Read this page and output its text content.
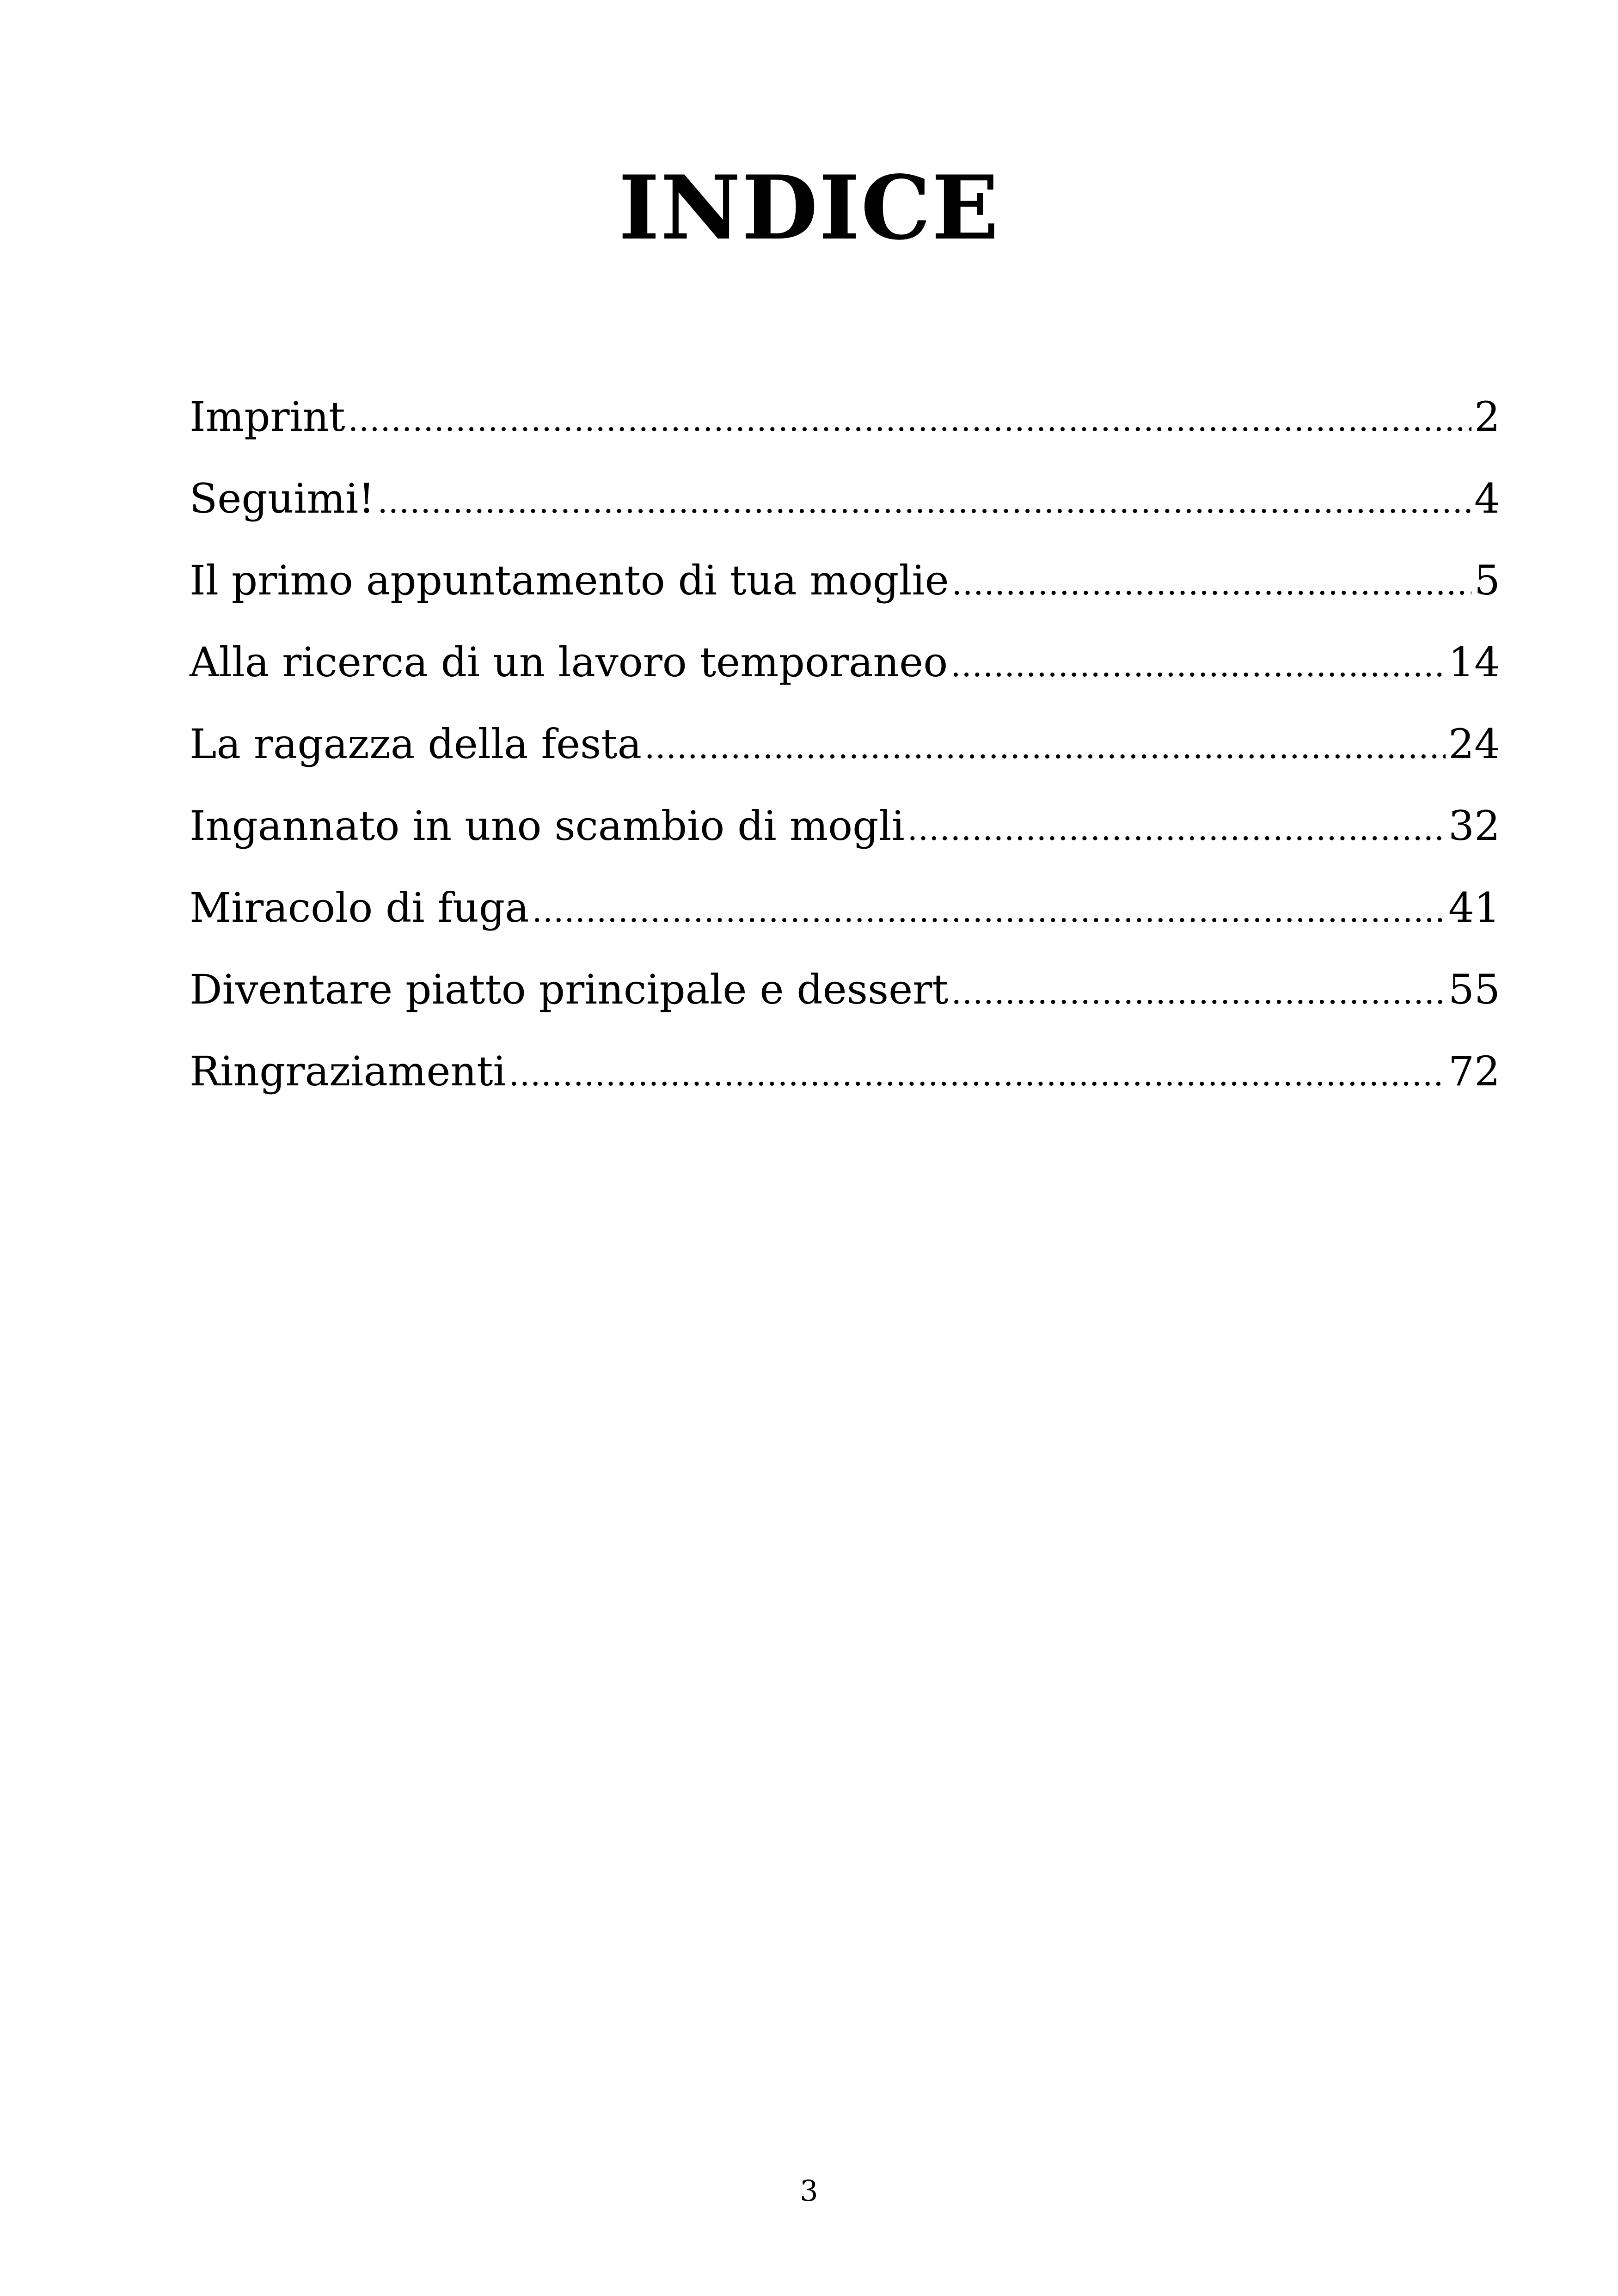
INDICE
Imprint .....	2
Seguimi! .....	4
Il primo appuntamento di tua moglie .....	5
Alla ricerca di un lavoro temporaneo .....	14
La ragazza della festa .....	24
Ingannato in uno scambio di mogli .....	32
Miracolo di fuga .....	41
Diventare piatto principale e dessert .....	55
Ringraziamenti .....	72
3
